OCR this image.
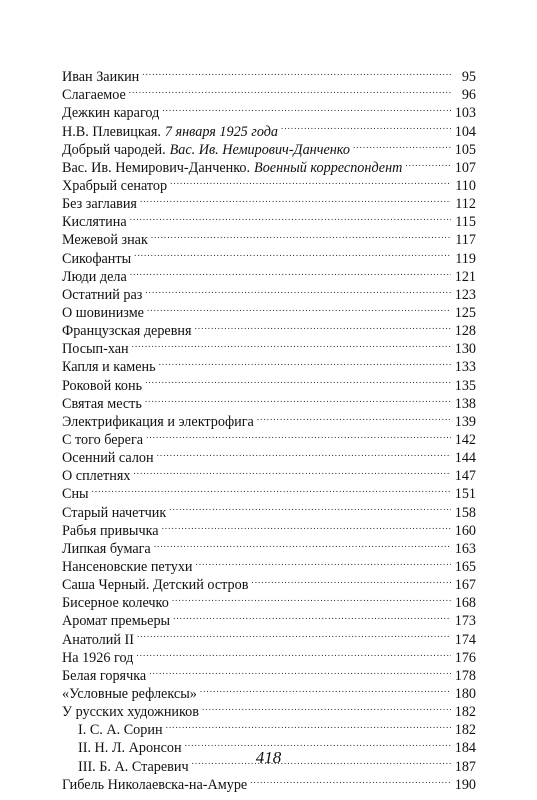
Иван Заикин . . .	95
Слагаемое . . .	96
Дежкин карагод . . .	103
Н.В. Плевицкая. 7 января 1925 года . . .	104
Добрый чародей. Вас. Ив. Немирович-Данченко . . .	105
Вас. Ив. Немирович-Данченко. Военный корреспондент . . .	107
Храбрый сенатор . . .	110
Без заглавия . . .	112
Кислятина . . .	115
Межевой знак . . .	117
Сикофанты . . .	119
Люди дела . . .	121
Остатний раз . . .	123
О шовинизме . . .	125
Французская деревня . . .	128
Посып-хан . . .	130
Капля и камень . . .	133
Роковой конь . . .	135
Святая месть . . .	138
Электрификация и электрофига . . .	139
С того берега . . .	142
Осенний салон . . .	144
О сплетнях . . .	147
Сны . . .	151
Старый начетчик . . .	158
Рабья привычка . . .	160
Липкая бумага . . .	163
Нансеновские петухи . . .	165
Саша Черный. Детский остров . . .	167
Бисерное колечко . . .	168
Аромат премьеры . . .	173
Анатолий II . . .	174
На 1926 год . . .	176
Белая горячка . . .	178
«Условные рефлексы» . . .	180
У русских художников . . .	182
I. С. А. Сорин . . .	182
II. Н. Л. Аронсон . . .	184
III. Б. А. Старевич . . .	187
Гибель Николаевска-на-Амуре . . .	190
418
